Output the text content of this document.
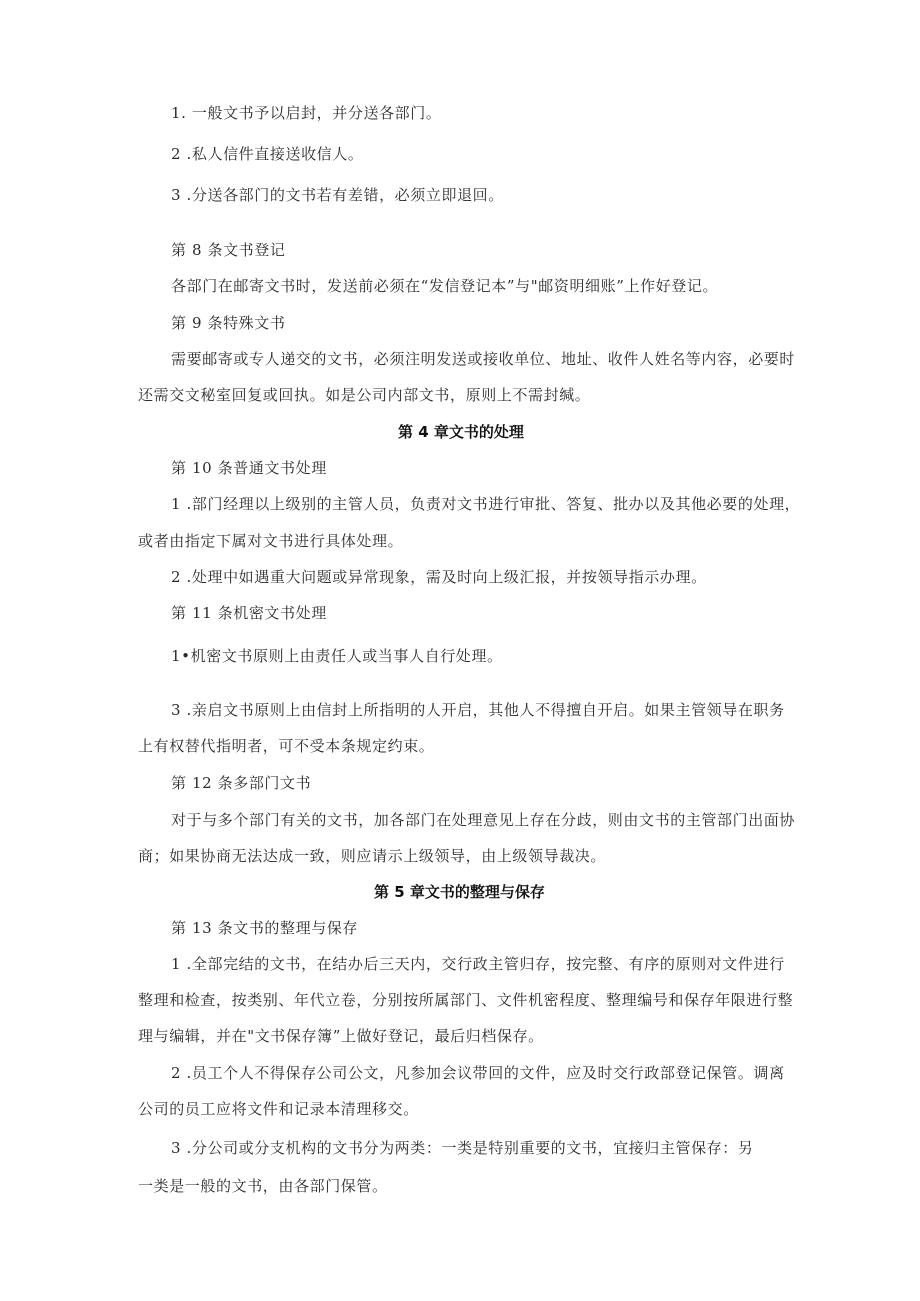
1. 一般文书予以启封，并分送各部门。
2 .私人信件直接送收信人。
3 .分送各部门的文书若有差错，必须立即退回。
第 8 条文书登记
各部门在邮寄文书时，发送前必须在“发信登记本”与"邮资明细账”上作好登记。
第 9 条特殊文书
需要邮寄或专人递交的文书，必须注明发送或接收单位、地址、收件人姓名等内容，必要时
还需交文秘室回复或回执。如是公司内部文书，原则上不需封缄。
第 4 章文书的处理
第 10 条普通文书处理
1 .部门经理以上级别的主管人员，负责对文书进行审批、答复、批办以及其他必要的处理，
或者由指定下属对文书进行具体处理。
2 .处理中如遇重大问题或异常现象，需及时向上级汇报，并按领导指示办理。
第 11 条机密文书处理
1•机密文书原则上由责任人或当事人自行处理。
3 .亲启文书原则上由信封上所指明的人开启，其他人不得擅自开启。如果主管领导在职务
上有权替代指明者，可不受本条规定约束。
第 12 条多部门文书
对于与多个部门有关的文书，加各部门在处理意见上存在分歧，则由文书的主管部门出面协
商；如果协商无法达成一致，则应请示上级领导，由上级领导裁决。
第 5 章文书的整理与保存
第 13 条文书的整理与保存
1 .全部完结的文书，在结办后三天内，交行政主管归存，按完整、有序的原则对文件进行
整理和检查，按类别、年代立卷，分别按所属部门、文件机密程度、整理编号和保存年限进行整
理与编辑，并在"文书保存簿”上做好登记，最后归档保存。
2 .员工个人不得保存公司公文，凡参加会议带回的文件，应及时交行政部登记保管。调离
公司的员工应将文件和记录本清理移交。
3 .分公司或分支机构的文书分为两类：一类是特别重要的文书，宜接归主管保存：另
一类是一般的文书，由各部门保管。
